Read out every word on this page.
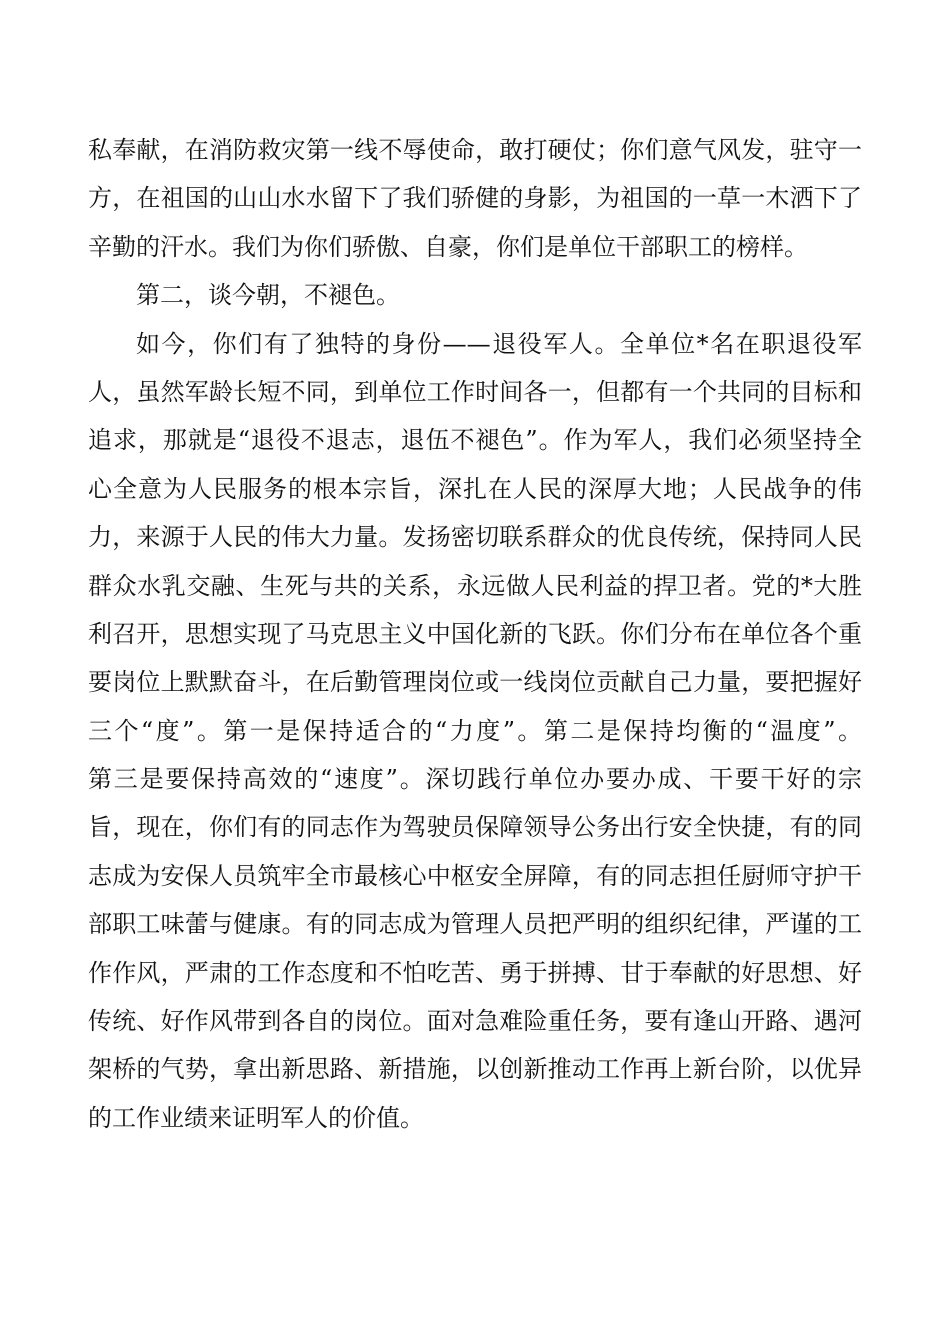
私奉献，在消防救灾第一线不辱使命，敢打硬仗；你们意气风发，驻守一
方，在祖国的山山水水留下了我们骄健的身影，为祖国的一草一木洒下了
辛勤的汗水。我们为你们骄傲、自豪，你们是单位干部职工的榜样。
第二，谈今朝，不褪色。
如今，你们有了独特的身份——退役军人。全单位*名在职退役军
人，虽然军龄长短不同，到单位工作时间各一，但都有一个共同的目标和
追求，那就是“退役不退志，退伍不褪色”。作为军人，我们必须坚持全
心全意为人民服务的根本宗旨，深扎在人民的深厚大地；人民战争的伟
力，来源于人民的伟大力量。发扬密切联系群众的优良传统，保持同人民
群众水乳交融、生死与共的关系，永远做人民利益的捍卫者。党的*大胜
利召开，思想实现了马克思主义中国化新的飞跃。你们分布在单位各个重
要岗位上默默奋斗，在后勤管理岗位或一线岗位贡献自己力量，要把握好
三个“度”。第一是保持适合的“力度”。第二是保持均衡的“温度”。
第三是要保持高效的“速度”。深切践行单位办要办成、干要干好的宗
旨，现在，你们有的同志作为驾驶员保障领导公务出行安全快捷，有的同
志成为安保人员筑牢全市最核心中枢安全屏障，有的同志担任厨师守护干
部职工味蕾与健康。有的同志成为管理人员把严明的组织纪律，严谨的工
作作风，严肃的工作态度和不怕吃苦、勇于拼搏、甘于奉献的好思想、好
传统、好作风带到各自的岗位。面对急难险重任务，要有逢山开路、遇河
架桥的气势，拿出新思路、新措施，以创新推动工作再上新台阶，以优异
的工作业绩来证明军人的价值。
